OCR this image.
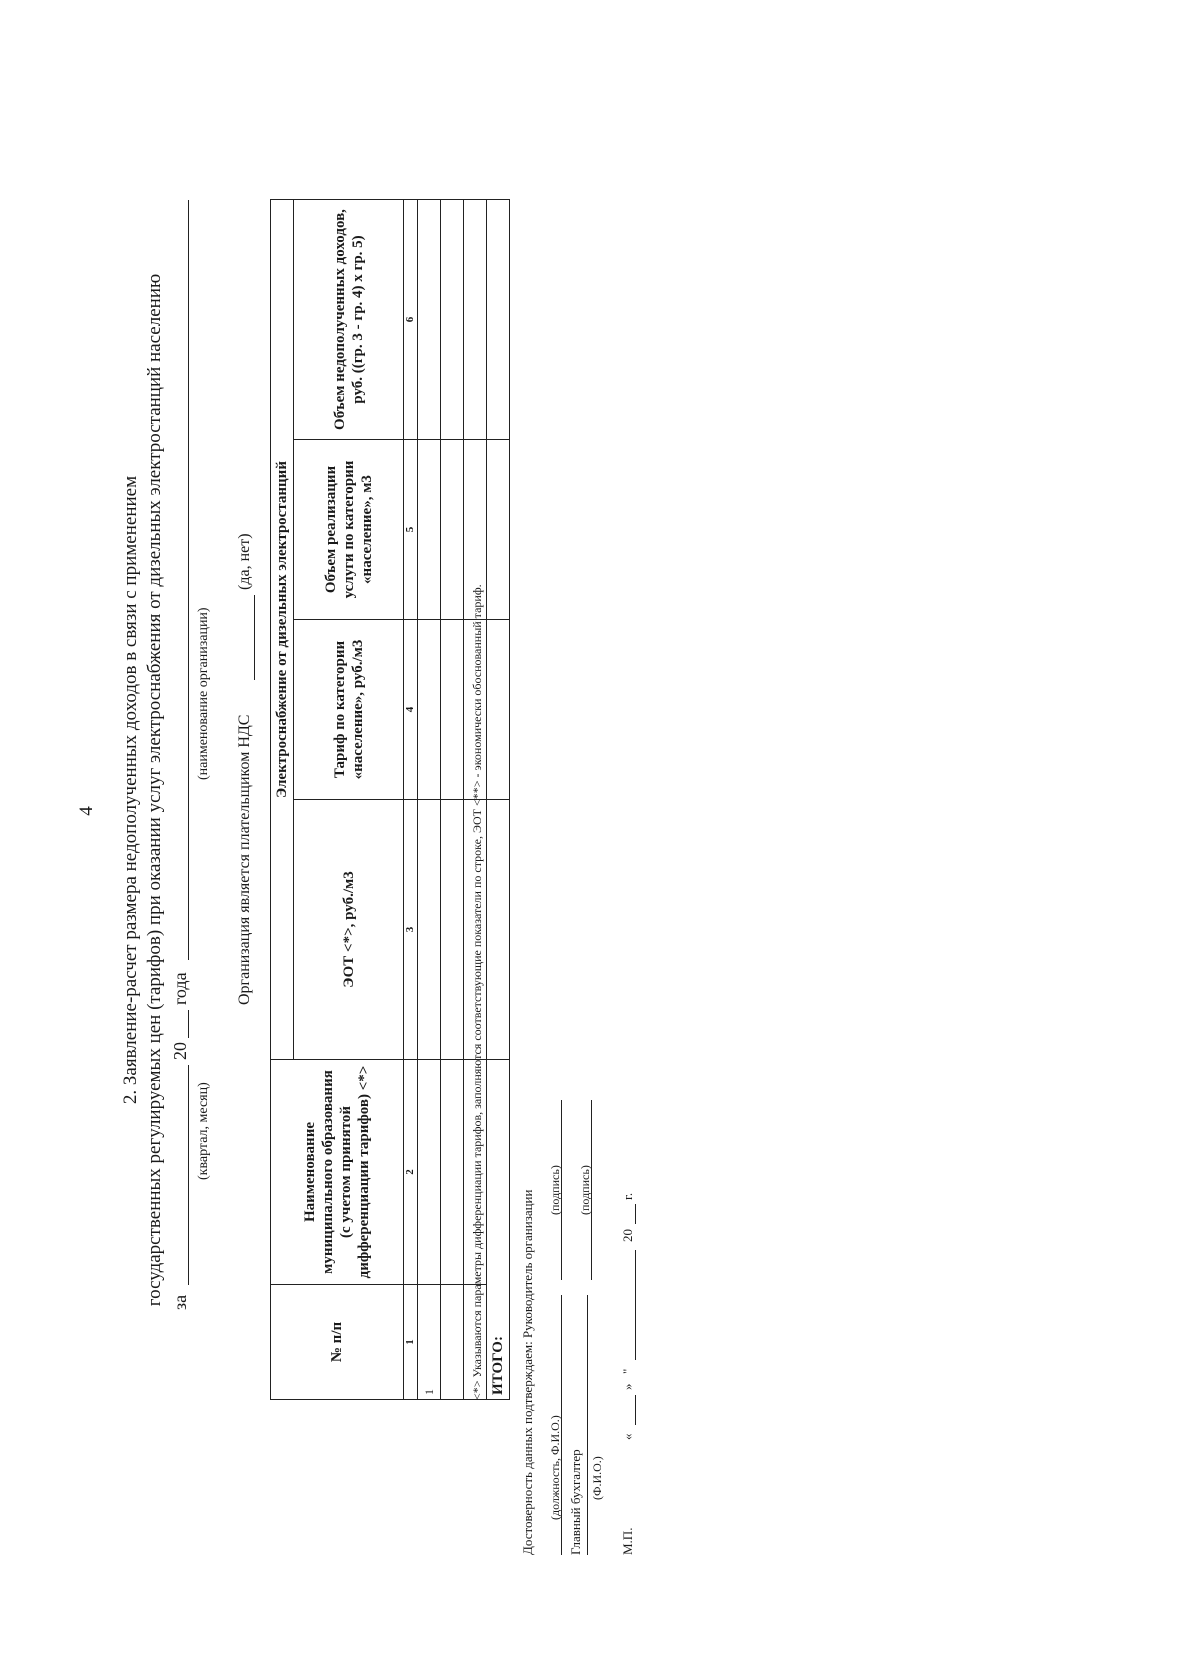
4 2. Заявление-расчет размера недополученных доходов в связи с применением государственных регулируемых цен (тарифов) при оказании услуг электроснабжения от дизельных электростанций населению за
20
года
(квартал, месяц)
(наименование организации)
Организация является плательщиком НДС
(да, нет)
№ п/п	Наименование муниципального образования (с учетом принятой дифференциации тарифов) <*>	Электроснабжение от дизельных электростанций			
		ЭОТ <*>, руб./м3	Тариф по категории «население», руб./м3	Объем реализации услуги по категории «население», м3	Объем недополученных доходов, руб. ((гр. 3 - гр. 4) х гр. 5)
1	2	3	4	5	6
1					

ИТОГО:					
<*> Указываются параметры дифференциации тарифов, заполняются соответствующие показатели по строке, ЭОТ <**> - экономически обоснованный тариф.	Достоверность данных подтверждаем: Руководитель организации (должность, Ф.И.О.)
(подпись)
Главный бухгалтер (Ф.И.О.)
(подпись)
М.П.
«
»
"
20
г.
